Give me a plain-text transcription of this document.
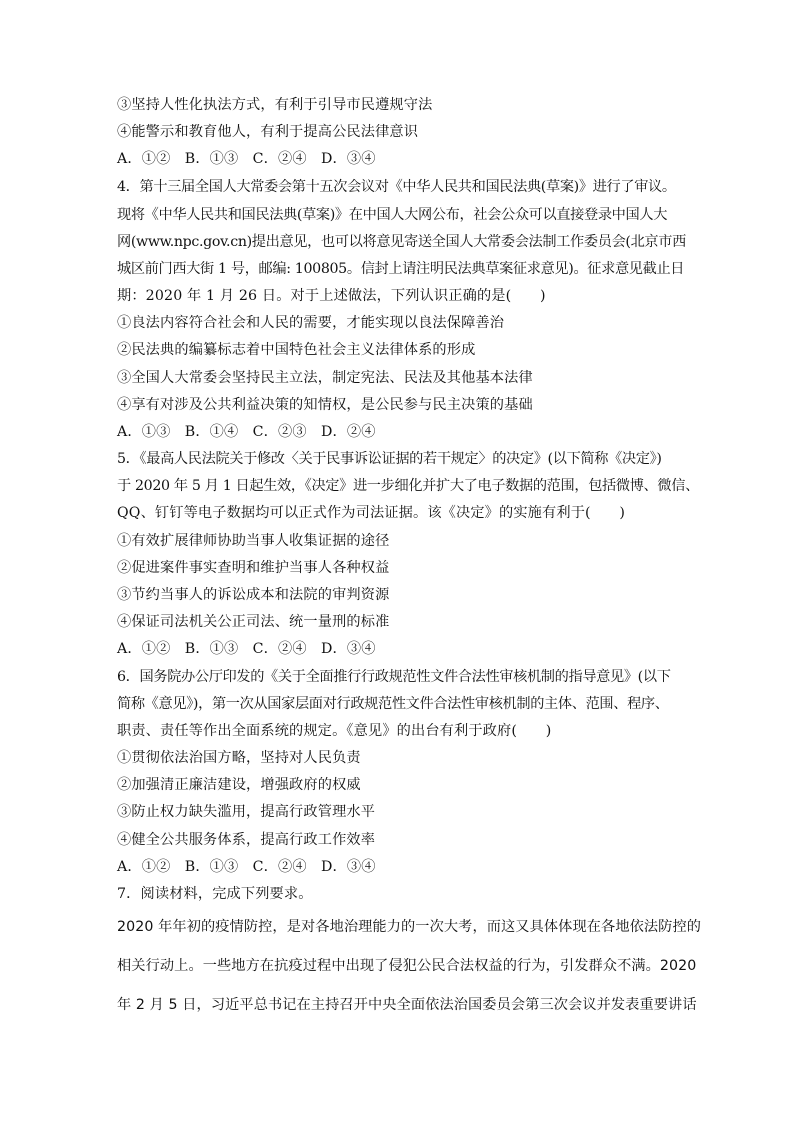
③坚持人性化执法方式，有利于引导市民遵规守法
④能警示和教育他人，有利于提高公民法律意识
A．①②　B．①③　C．②④　D．③④
4．第十三届全国人大常委会第十五次会议对《中华人民共和国民法典(草案)》进行了审议。
现将《中华人民共和国民法典(草案)》在中国人大网公布，社会公众可以直接登录中国人大
网(www.npc.gov.cn)提出意见，也可以将意见寄送全国人大常委会法制工作委员会(北京市西
城区前门西大街 1 号，邮编: 100805。信封上请注明民法典草案征求意见)。征求意见截止日
期：2020 年 1 月 26 日。对于上述做法，下列认识正确的是(　　)
①良法内容符合社会和人民的需要，才能实现以良法保障善治
②民法典的编纂标志着中国特色社会主义法律体系的形成
③全国人大常委会坚持民主立法，制定宪法、民法及其他基本法律
④享有对涉及公共利益决策的知情权，是公民参与民主决策的基础
A．①③　B．①④　C．②③　D．②④
5．《最高人民法院关于修改〈关于民事诉讼证据的若干规定〉的决定》(以下简称《决定》)
于 2020 年 5 月 1 日起生效，《决定》进一步细化并扩大了电子数据的范围，包括微博、微信、
QQ、钉钉等电子数据均可以正式作为司法证据。该《决定》的实施有利于(　　)
①有效扩展律师协助当事人收集证据的途径
②促进案件事实查明和维护当事人各种权益
③节约当事人的诉讼成本和法院的审判资源
④保证司法机关公正司法、统一量刑的标准
A．①②　B．①③　C．②④　D．③④
6．国务院办公厅印发的《关于全面推行行政规范性文件合法性审核机制的指导意见》(以下
简称《意见》)，第一次从国家层面对行政规范性文件合法性审核机制的主体、范围、程序、
职责、责任等作出全面系统的规定。《意见》的出台有利于政府(　　)
①贯彻依法治国方略，坚持对人民负责
②加强清正廉洁建设，增强政府的权威
③防止权力缺失滥用，提高行政管理水平
④健全公共服务体系，提高行政工作效率
A．①②　B．①③　C．②④　D．③④
7．阅读材料，完成下列要求。
2020 年年初的疫情防控，是对各地治理能力的一次大考，而这又具体体现在各地依法防控的
相关行动上。一些地方在抗疫过程中出现了侵犯公民合法权益的行为，引发群众不满。2020
年 2 月 5 日，习近平总书记在主持召开中央全面依法治国委员会第三次会议并发表重要讲话
